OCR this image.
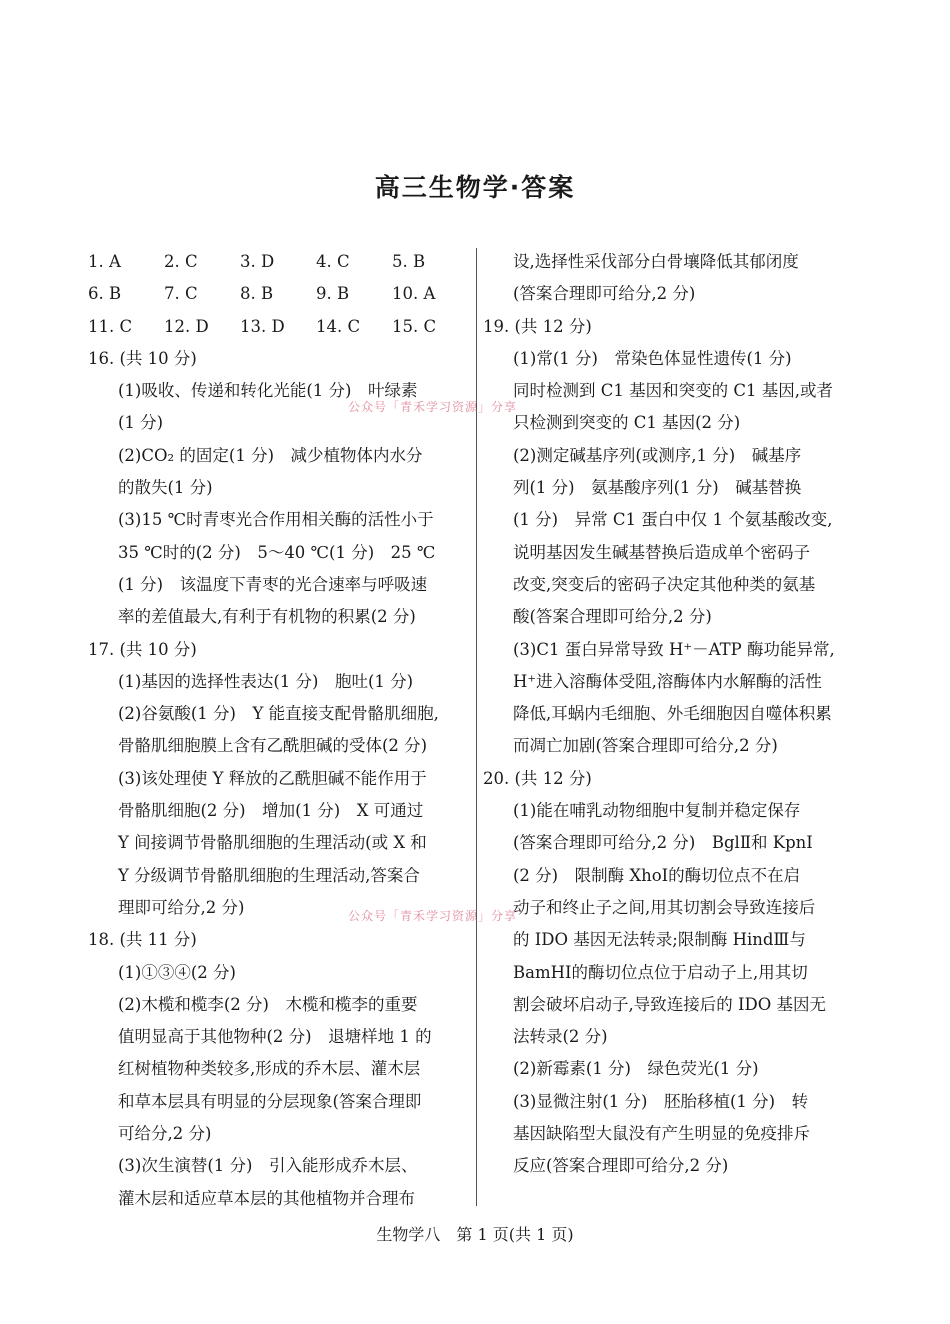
高三生物学·答案
1. A	2. C	3. D	4. C	5. B
6. B	7. C	8. B	9. B	10. A
11. C	12. D	13. D	14. C	15. C
16. (共 10 分)
(1)吸收、传递和转化光能(1 分)　叶绿素
(1 分)
(2)CO₂ 的固定(1 分)　减少植物体内水分
的散失(1 分)
(3)15 ℃时青枣光合作用相关酶的活性小于
35 ℃时的(2 分)　5～40 ℃(1 分)　25 ℃
(1 分)　该温度下青枣的光合速率与呼吸速
率的差值最大,有利于有机物的积累(2 分)
17. (共 10 分)
(1)基因的选择性表达(1 分)　胞吐(1 分)
(2)谷氨酸(1 分)　Y 能直接支配骨骼肌细胞,
骨骼肌细胞膜上含有乙酰胆碱的受体(2 分)
(3)该处理使 Y 释放的乙酰胆碱不能作用于
骨骼肌细胞(2 分)　增加(1 分)　X 可通过
Y 间接调节骨骼肌细胞的生理活动(或 X 和
Y 分级调节骨骼肌细胞的生理活动,答案合
理即可给分,2 分)
18. (共 11 分)
(1)①③④(2 分)
(2)木榄和榄李(2 分)　木榄和榄李的重要
值明显高于其他物种(2 分)　退塘样地 1 的
红树植物种类较多,形成的乔木层、灌木层
和草本层具有明显的分层现象(答案合理即
可给分,2 分)
(3)次生演替(1 分)　引入能形成乔木层、
灌木层和适应草本层的其他植物并合理布
设,选择性采伐部分白骨壤降低其郁闭度
(答案合理即可给分,2 分)
19. (共 12 分)
(1)常(1 分)　常染色体显性遗传(1 分)
同时检测到 C1 基因和突变的 C1 基因,或者
只检测到突变的 C1 基因(2 分)
(2)测定碱基序列(或测序,1 分)　碱基序
列(1 分)　氨基酸序列(1 分)　碱基替换
(1 分)　异常 C1 蛋白中仅 1 个氨基酸改变,
说明基因发生碱基替换后造成单个密码子
改变,突变后的密码子决定其他种类的氨基
酸(答案合理即可给分,2 分)
(3)C1 蛋白异常导致 H⁺－ATP 酶功能异常,
H⁺进入溶酶体受阻,溶酶体内水解酶的活性
降低,耳蜗内毛细胞、外毛细胞因自噬体积累
而凋亡加剧(答案合理即可给分,2 分)
20. (共 12 分)
(1)能在哺乳动物细胞中复制并稳定保存
(答案合理即可给分,2 分)　BglⅡ和 KpnⅠ
(2 分)　限制酶 XhoⅠ的酶切位点不在启
动子和终止子之间,用其切割会导致连接后
的 IDO 基因无法转录;限制酶 HindⅢ与
BamHⅠ的酶切位点位于启动子上,用其切
割会破坏启动子,导致连接后的 IDO 基因无
法转录(2 分)
(2)新霉素(1 分)　绿色荧光(1 分)
(3)显微注射(1 分)　胚胎移植(1 分)　转
基因缺陷型大鼠没有产生明显的免疫排斥
反应(答案合理即可给分,2 分)
公众号「青禾学习资源」分享
公众号「青禾学习资源」分享
生物学八　第 1 页(共 1 页)
